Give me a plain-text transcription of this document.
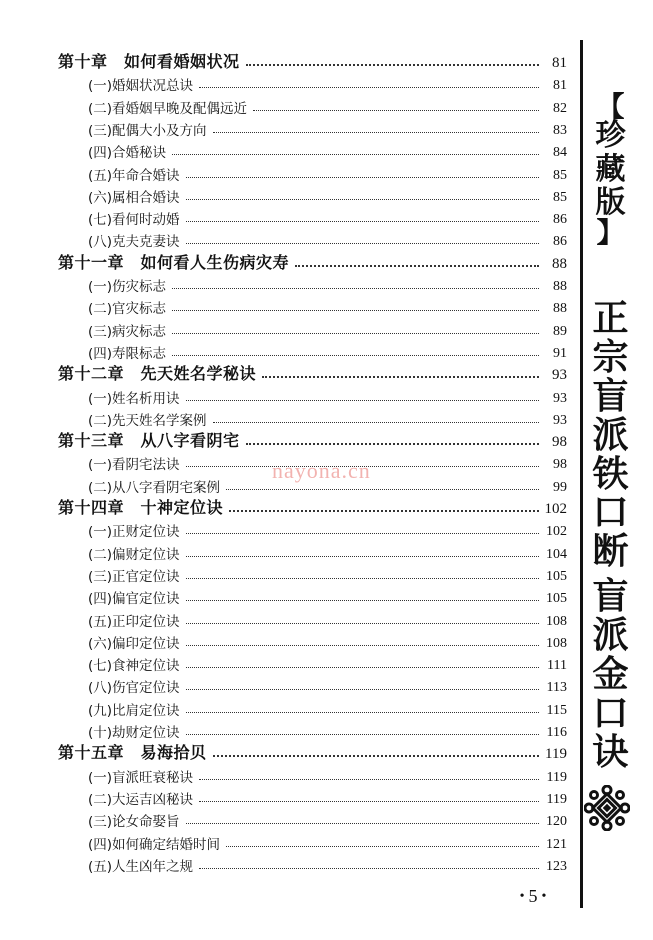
第十章　如何看婚姻状况	81
(一)婚姻状况总诀	81
(二)看婚姻早晚及配偶远近	82
(三)配偶大小及方向	83
(四)合婚秘诀	84
(五)年命合婚诀	85
(六)属相合婚诀	85
(七)看何时动婚	86
(八)克夫克妻诀	86
第十一章　如何看人生伤病灾寿	88
(一)伤灾标志	88
(二)官灾标志	88
(三)病灾标志	89
(四)寿限标志	91
第十二章　先天姓名学秘诀	93
(一)姓名析用诀	93
(二)先天姓名学案例	93
第十三章　从八字看阴宅	98
(一)看阴宅法诀	98
(二)从八字看阴宅案例	99
第十四章　十神定位诀	102
(一)正财定位诀	102
(二)偏财定位诀	104
(三)正官定位诀	105
(四)偏官定位诀	105
(五)正印定位诀	108
(六)偏印定位诀	108
(七)食神定位诀	111
(八)伤官定位诀	113
(九)比肩定位诀	115
(十)劫财定位诀	116
第十五章　易海拾贝	119
(一)盲派旺衰秘诀	119
(二)大运吉凶秘诀	119
(三)论女命娶旨	120
(四)如何确定结婚时间	121
(五)人生凶年之规	123
【
珍
藏
版
】
正
宗
盲
派
铁
口
断
盲
派
金
口
诀
nayona.cn
• 5 •
